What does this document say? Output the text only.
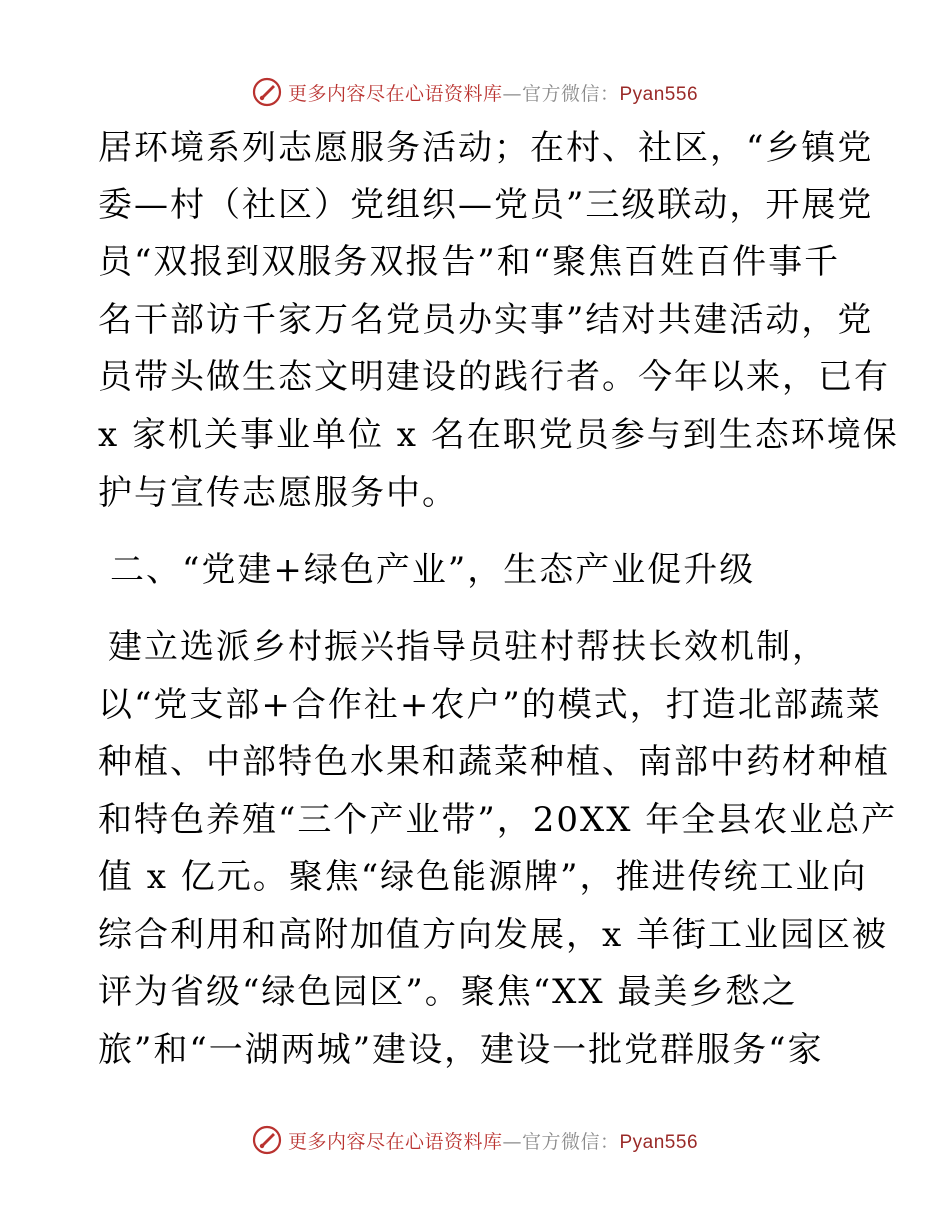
更多内容尽在心语资料库—官方微信：Pyan556
居环境系列志愿服务活动；在村、社区，“乡镇党
委—村（社区）党组织—党员”三级联动，开展党
员“双报到双服务双报告”和“聚焦百姓百件事千
名干部访千家万名党员办实事”结对共建活动，党
员带头做生态文明建设的践行者。今年以来，已有
x 家机关事业单位 x 名在职党员参与到生态环境保
护与宣传志愿服务中。
二、“党建+绿色产业”，生态产业促升级
建立选派乡村振兴指导员驻村帮扶长效机制，
以“党支部+合作社+农户”的模式，打造北部蔬菜
种植、中部特色水果和蔬菜种植、南部中药材种植
和特色养殖“三个产业带”，20XX 年全县农业总产
值 x 亿元。聚焦“绿色能源牌”，推进传统工业向
综合利用和高附加值方向发展，x 羊街工业园区被
评为省级“绿色园区”。聚焦“XX 最美乡愁之
旅”和“一湖两城”建设，建设一批党群服务“家
更多内容尽在心语资料库—官方微信：Pyan556
